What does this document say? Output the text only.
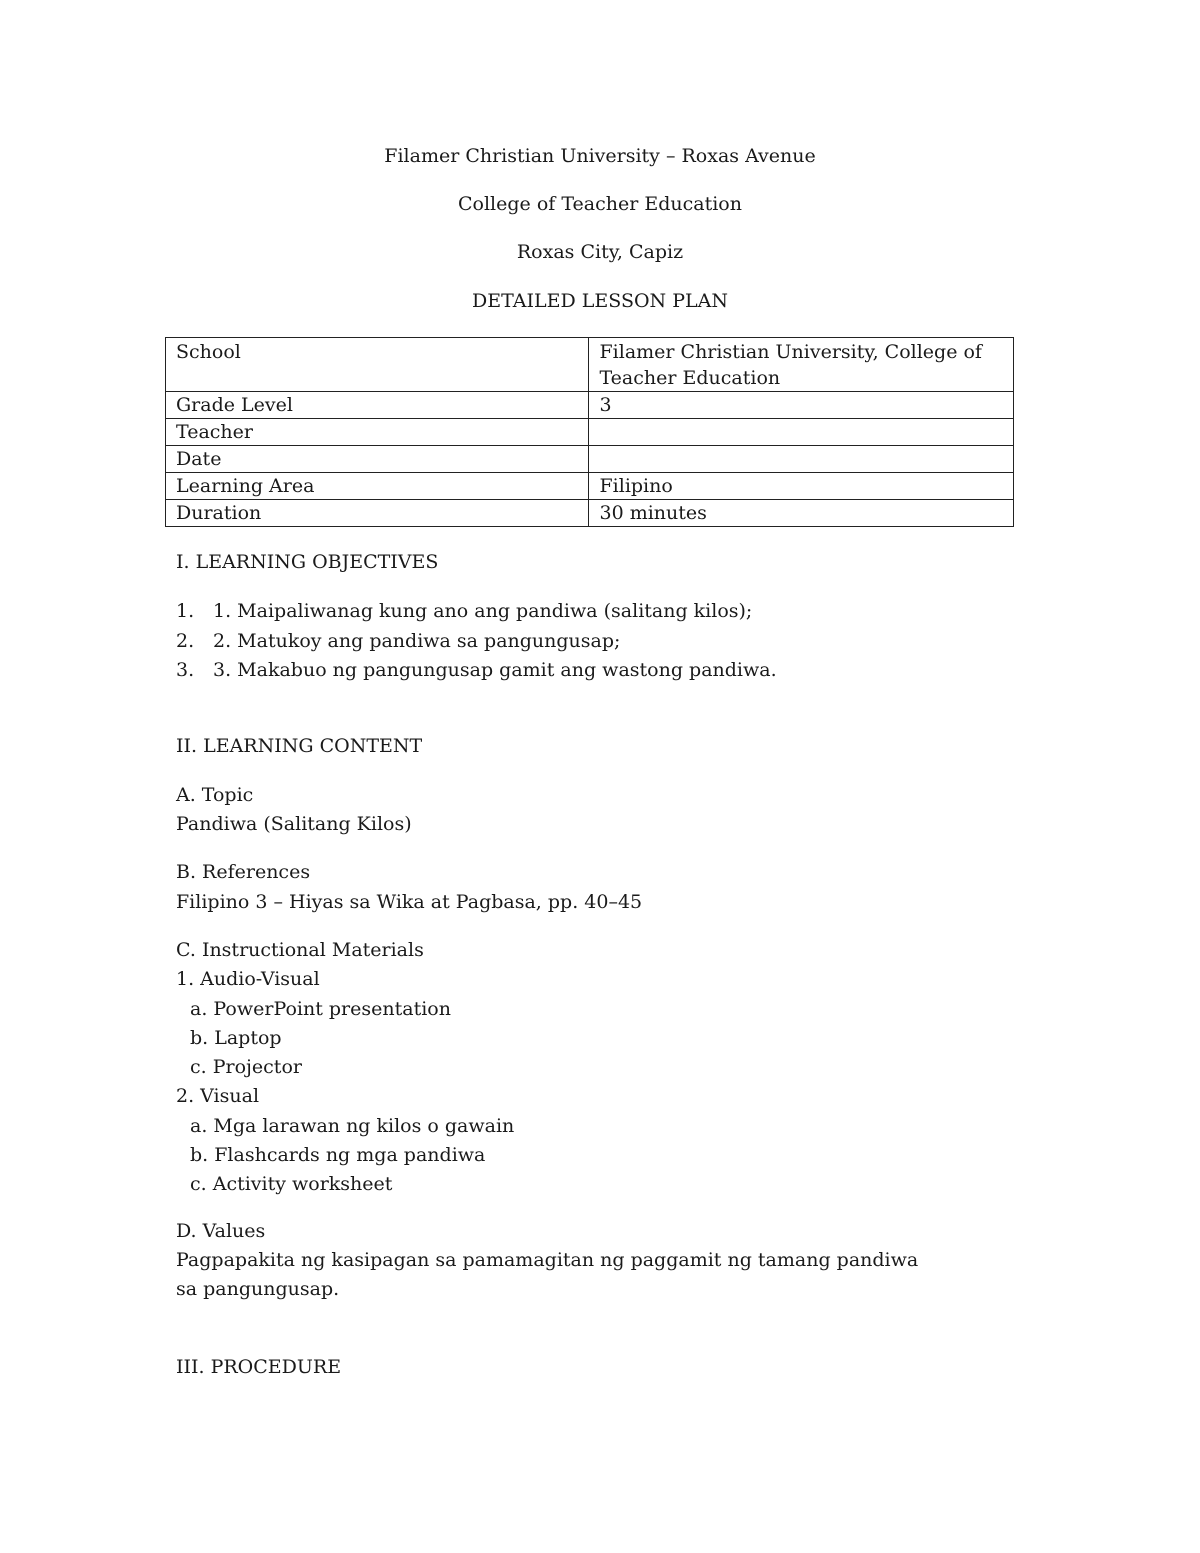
Filamer Christian University – Roxas Avenue
College of Teacher Education
Roxas City, Capiz
DETAILED LESSON PLAN
School	Filamer Christian University, College of Teacher Education
Grade Level	3
Teacher	
Date	
Learning Area	Filipino
Duration	30 minutes
I. LEARNING OBJECTIVES
1. 1. Maipaliwanag kung ano ang pandiwa (salitang kilos);
2. 2. Matukoy ang pandiwa sa pangungusap;
3. 3. Makabuo ng pangungusap gamit ang wastong pandiwa.
II. LEARNING CONTENT
A. Topic
Pandiwa (Salitang Kilos)
B. References
Filipino 3 – Hiyas sa Wika at Pagbasa, pp. 40–45
C. Instructional Materials
1. Audio-Visual
a. PowerPoint presentation
b. Laptop
c. Projector
2. Visual
a. Mga larawan ng kilos o gawain
b. Flashcards ng mga pandiwa
c. Activity worksheet
D. Values
Pagpapakita ng kasipagan sa pamamagitan ng paggamit ng tamang pandiwa sa pangungusap.
III. PROCEDURE
